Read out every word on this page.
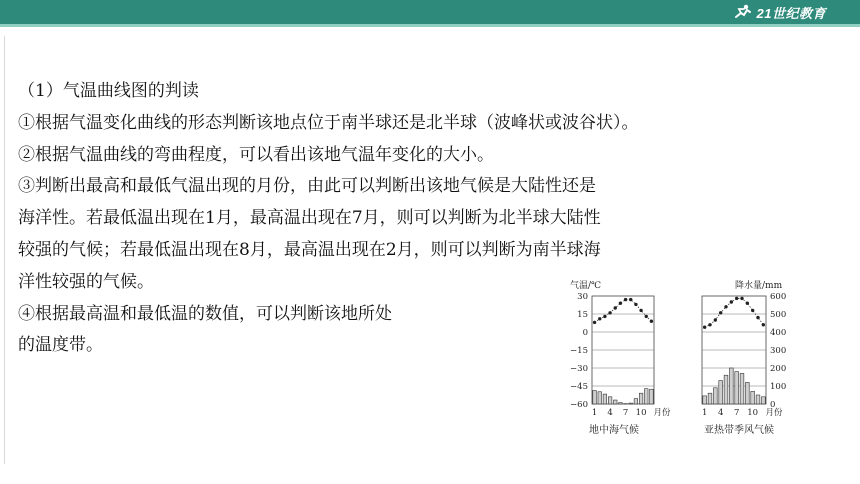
21世纪教育
（1）气温曲线图的判读
①根据气温变化曲线的形态判断该地点位于南半球还是北半球（波峰状或波谷状）。
②根据气温曲线的弯曲程度，可以看出该地气温年变化的大小。
③判断出最高和最低气温出现的月份，由此可以判断出该地气候是大陆性还是
海洋性。若最低温出现在1月，最高温出现在7月，则可以判断为北半球大陆性
较强的气候；若最低温出现在8月，最高温出现在2月，则可以判断为南半球海
洋性较强的气候。
④根据最高温和最低温的数值，可以判断该地所处
的温度带。
气温/℃
地中海气候
降水量/mm
亚热带季风气候
1 4 7 10 月份
30
15
0
−15
−30
−45
−60
1 4 7 10 月份
600
500
400
300
200
100
0
